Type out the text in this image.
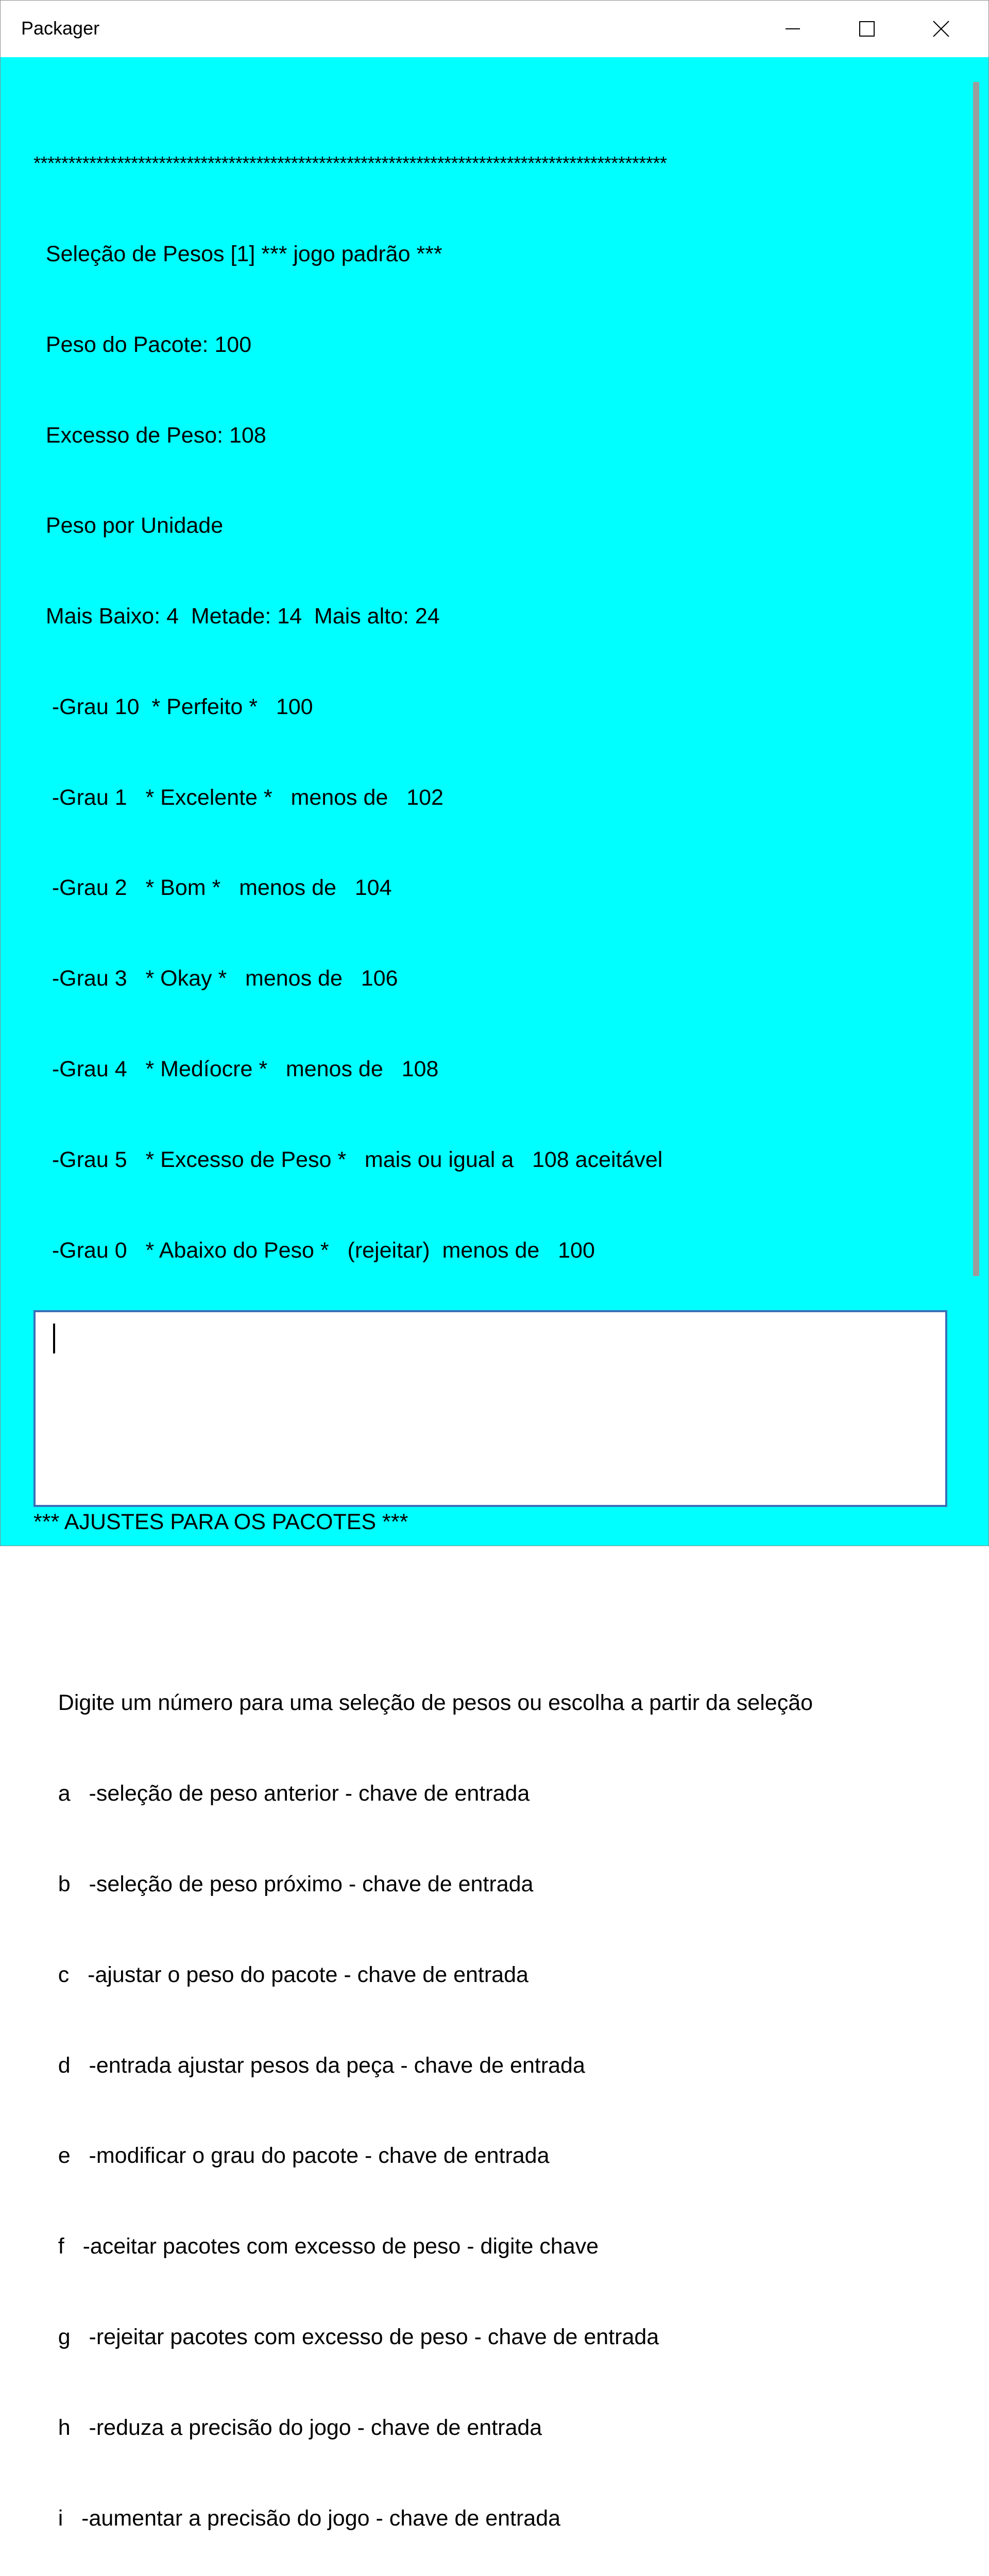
Packager

*******************************************************************************************

Seleção de Pesos [1] *** jogo padrão ***

Peso do Pacote: 100

Excesso de Peso: 108

Peso por Unidade

Mais Baixo: 4  Metade: 14  Mais alto: 24

-Grau 10  * Perfeito *   100

-Grau 1   * Excelente *   menos de   102

-Grau 2   * Bom *   menos de   104

-Grau 3   * Okay *   menos de   106

-Grau 4   * Medíocre *   menos de   108

-Grau 5   * Excesso de Peso *   mais ou igual a   108 aceitável

-Grau 0   * Abaixo do Peso *   (rejeitar)  menos de   100

*** AJUSTES PARA OS PACOTES ***

Digite um número para uma seleção de pesos ou escolha a partir da seleção

a   -seleção de peso anterior - chave de entrada

b   -seleção de peso próximo - chave de entrada

c   -ajustar o peso do pacote - chave de entrada

d   -entrada ajustar pesos da peça - chave de entrada

e   -modificar o grau do pacote - chave de entrada

f   -aceitar pacotes com excesso de peso - digite chave

g   -rejeitar pacotes com excesso de peso - chave de entrada

h   -reduza a precisão do jogo - chave de entrada

i   -aumentar a precisão do jogo - chave de entrada
